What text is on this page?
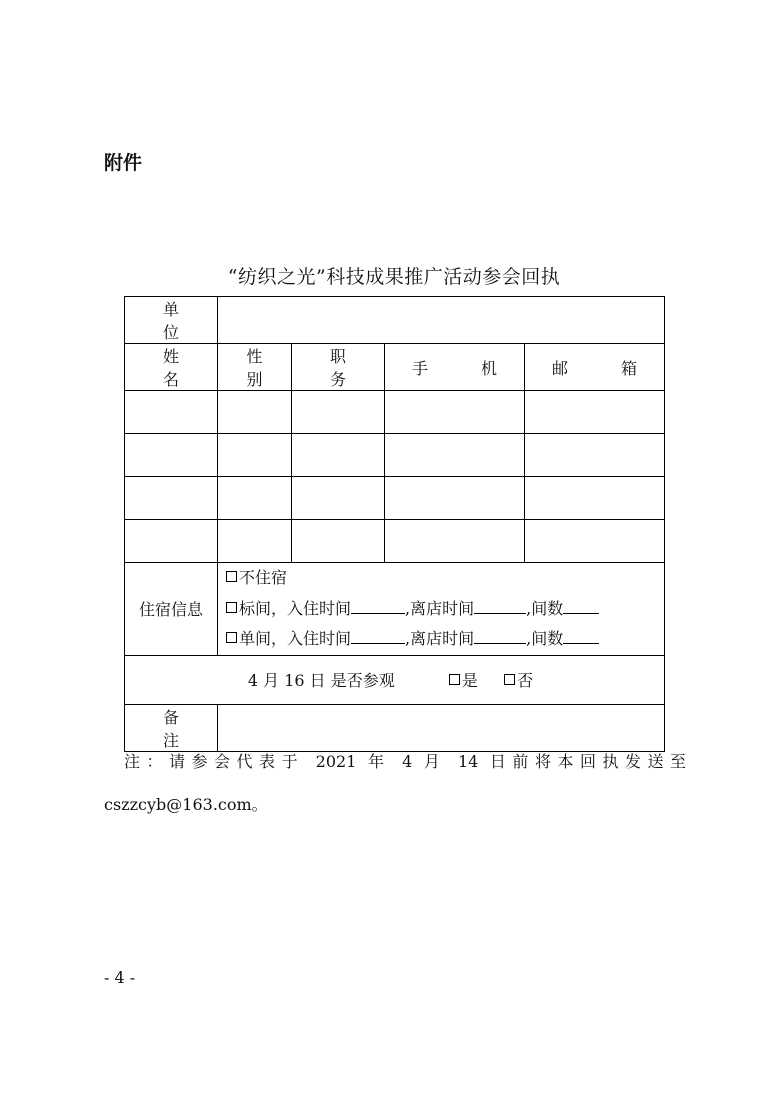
附件
“纺织之光”科技成果推广活动参会回执
单　位				
姓 名	性 别	职 务	手 机	邮 箱

住宿信息	不住宿
标间，入住时间 ,离店时间 ,间数
单间，入住时间 ,离店时间 ,间数			

4 月 16 日 是否参观 是 否				
备　注				
注：请参会代表于 2021 年 4 月 14 日前将本回执发送至
cszzcyb@163.com。
- 4 -
